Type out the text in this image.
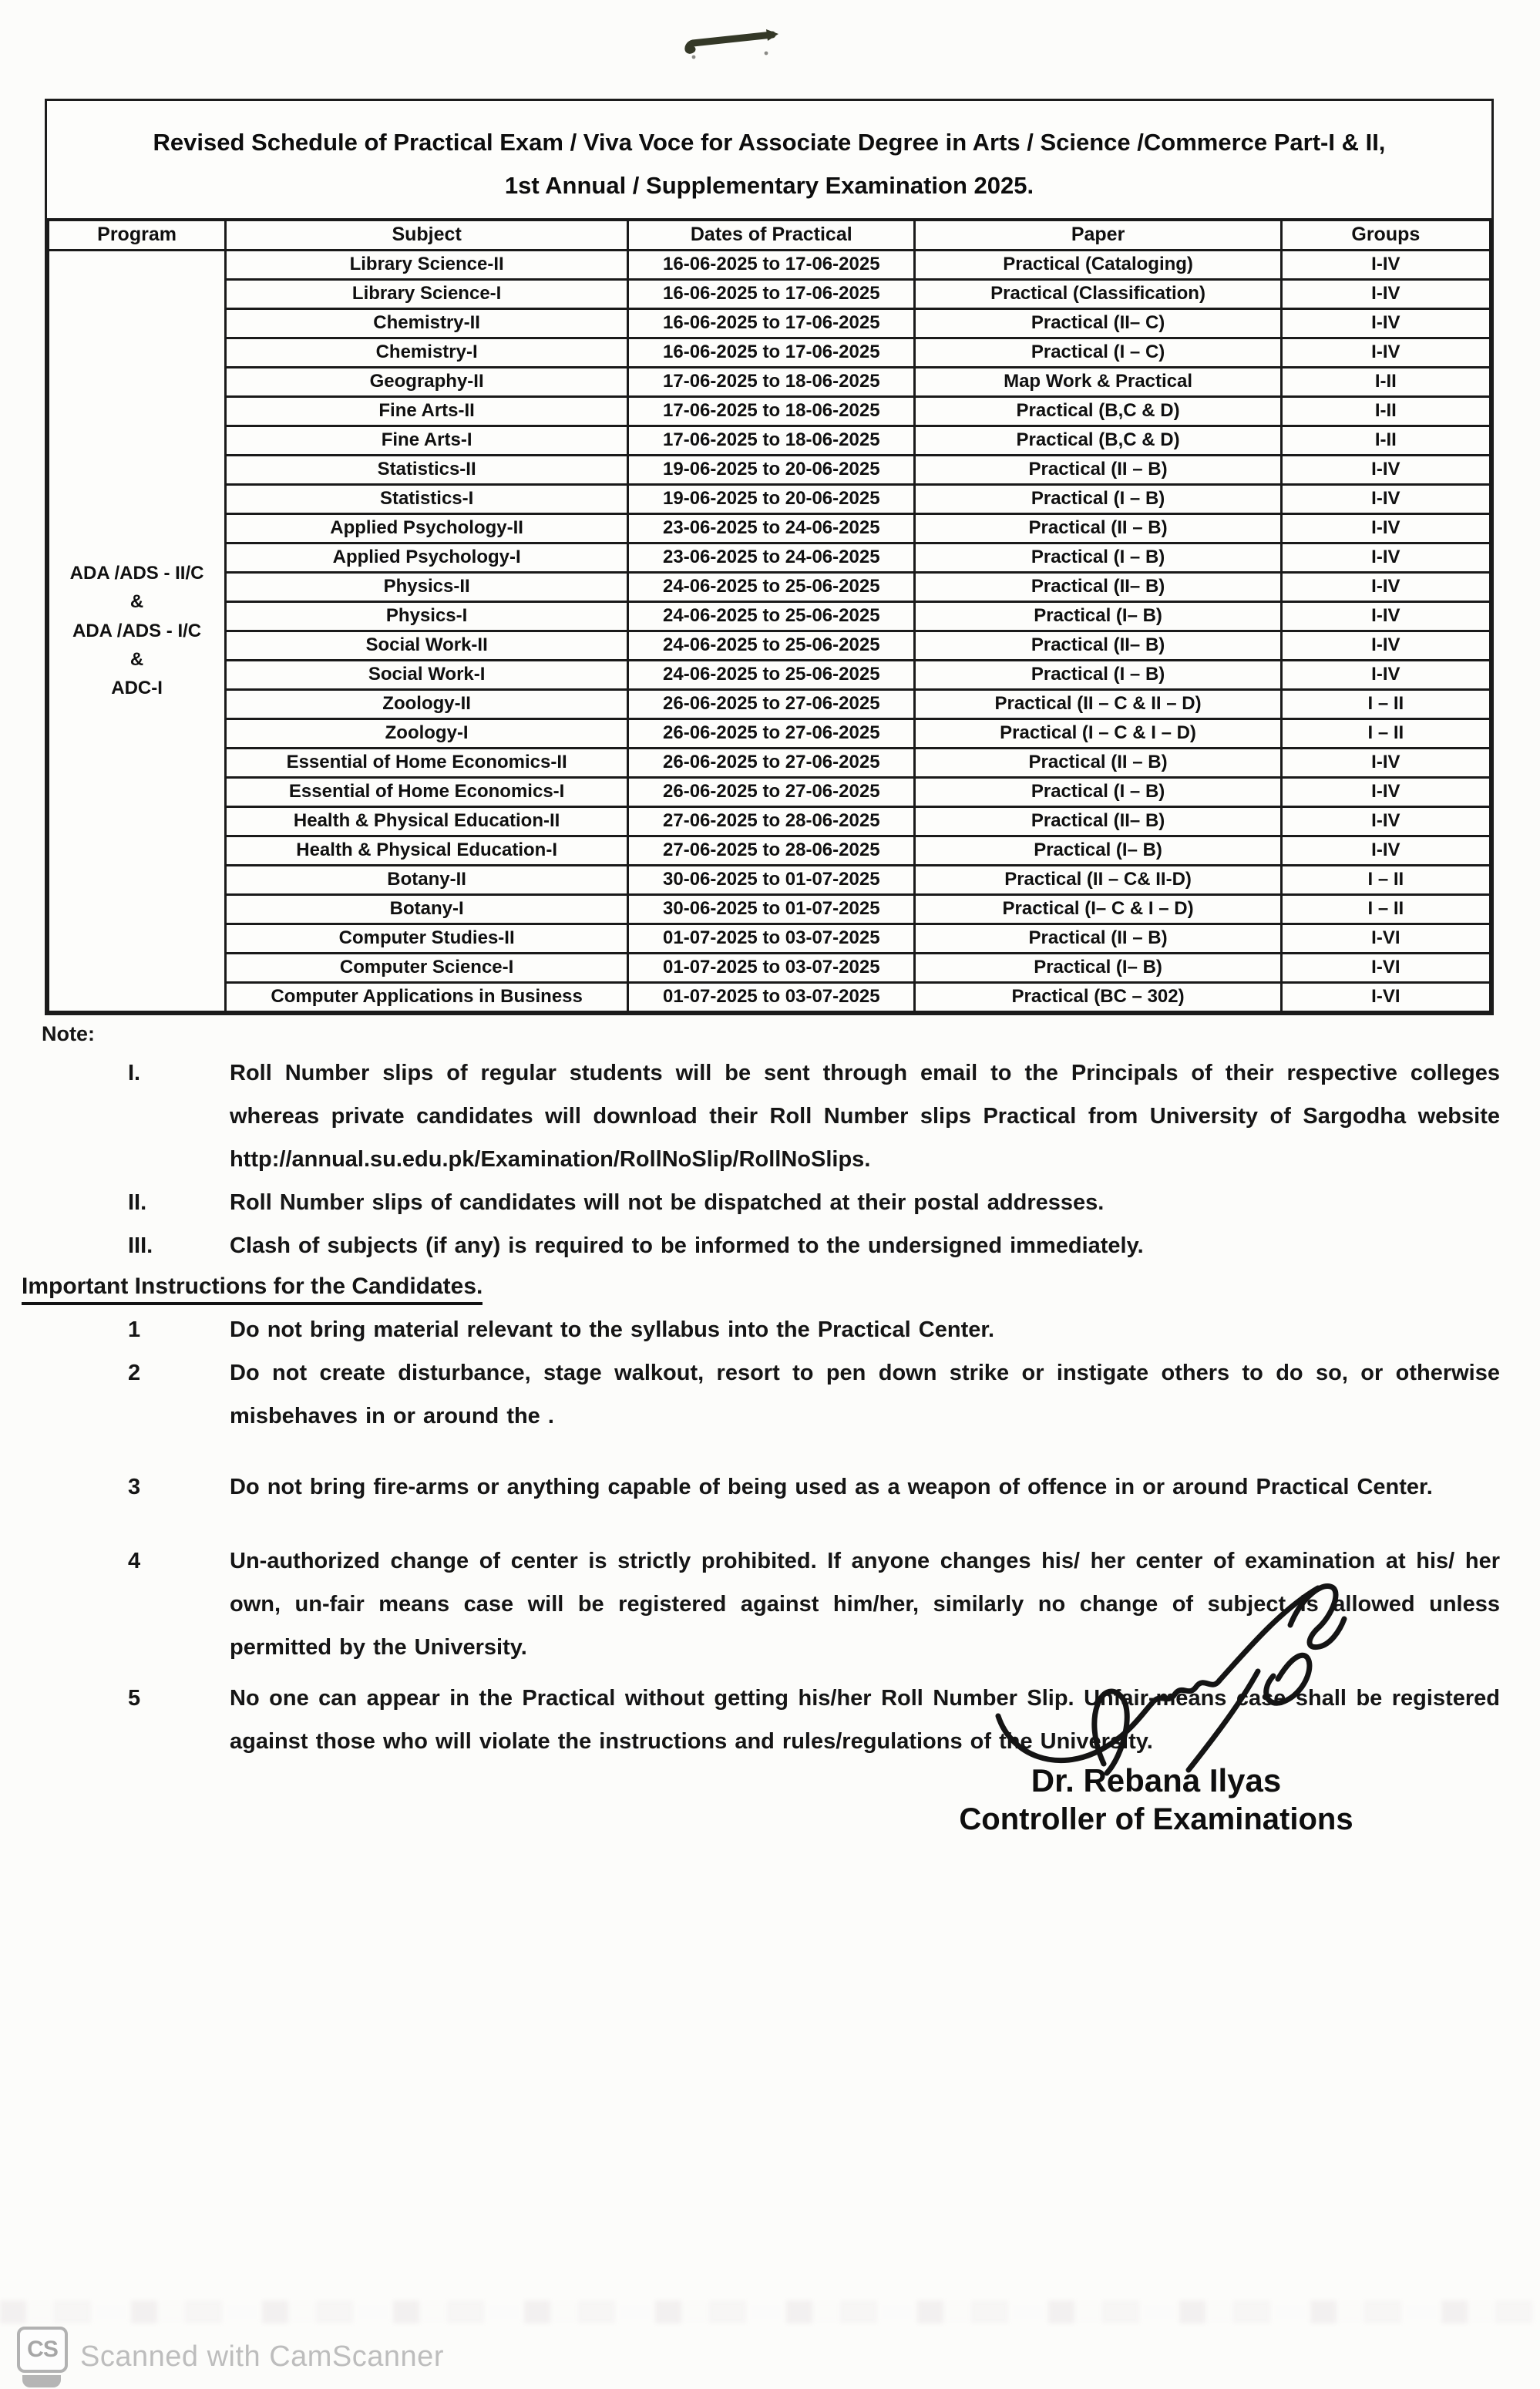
Revised Schedule of Practical Exam / Viva Voce for Associate Degree in Arts / Science /Commerce Part-I & II,
1st Annual / Supplementary Examination 2025.
Program	Subject	Dates of Practical	Paper	Groups

ADA /ADS - II/C
&
ADA /ADS - I/C
&
ADC-I	Library Science-II	16-06-2025 to 17-06-2025	Practical (Cataloging)	I-IV
	Library Science-I	16-06-2025 to 17-06-2025	Practical (Classification)	I-IV
	Chemistry-II	16-06-2025 to 17-06-2025	Practical (II– C)	I-IV
	Chemistry-I	16-06-2025 to 17-06-2025	Practical (I – C)	I-IV
	Geography-II	17-06-2025 to 18-06-2025	Map Work & Practical	I-II
	Fine Arts-II	17-06-2025 to 18-06-2025	Practical (B,C & D)	I-II
	Fine Arts-I	17-06-2025 to 18-06-2025	Practical (B,C & D)	I-II
	Statistics-II	19-06-2025 to 20-06-2025	Practical (II – B)	I-IV
	Statistics-I	19-06-2025 to 20-06-2025	Practical (I – B)	I-IV
	Applied Psychology-II	23-06-2025 to 24-06-2025	Practical (II – B)	I-IV
	Applied Psychology-I	23-06-2025 to 24-06-2025	Practical (I – B)	I-IV
	Physics-II	24-06-2025 to 25-06-2025	Practical (II– B)	I-IV
	Physics-I	24-06-2025 to 25-06-2025	Practical (I– B)	I-IV
	Social Work-II	24-06-2025 to 25-06-2025	Practical (II– B)	I-IV
	Social Work-I	24-06-2025 to 25-06-2025	Practical (I – B)	I-IV
	Zoology-II	26-06-2025 to 27-06-2025	Practical (II – C & II – D)	I – II
	Zoology-I	26-06-2025 to 27-06-2025	Practical (I – C & I – D)	I – II
	Essential of Home Economics-II	26-06-2025 to 27-06-2025	Practical (II – B)	I-IV
	Essential of Home Economics-I	26-06-2025 to 27-06-2025	Practical (I – B)	I-IV
	Health & Physical Education-II	27-06-2025 to 28-06-2025	Practical (II– B)	I-IV
	Health & Physical Education-I	27-06-2025 to 28-06-2025	Practical (I– B)	I-IV
	Botany-II	30-06-2025 to 01-07-2025	Practical (II – C& II-D)	I – II
	Botany-I	30-06-2025 to 01-07-2025	Practical (I– C & I – D)	I – II
	Computer Studies-II	01-07-2025 to 03-07-2025	Practical (II – B)	I-VI
	Computer Science-I	01-07-2025 to 03-07-2025	Practical (I– B)	I-VI
	Computer Applications in Business	01-07-2025 to 03-07-2025	Practical (BC – 302)	I-VI
Note:
I.	Roll Number slips of regular students will be sent through email to the Principals of their respective colleges whereas private candidates will download their Roll Number slips Practical from University of Sargodha website http://annual.su.edu.pk/Examination/RollNoSlip/RollNoSlips.
II.	Roll Number slips of candidates will not be dispatched at their postal addresses.
III.	Clash of subjects (if any) is required to be informed to the undersigned immediately.
Important Instructions for the Candidates.
1	Do not bring material relevant to the syllabus into the Practical Center.
2	Do not create disturbance, stage walkout, resort to pen down strike or instigate others to do so, or otherwise misbehaves in or around the .
3	Do not bring fire-arms or anything capable of being used as a weapon of offence in or around Practical Center.
4	Un-authorized change of center is strictly prohibited. If anyone changes his/ her center of examination at his/ her own, un-fair means case will be registered against him/her, similarly no change of subject is allowed unless permitted by the University.
5	No one can appear in the Practical without getting his/her Roll Number Slip. Unfair-means case shall be registered against those who will violate the instructions and rules/regulations of the University.
Dr. Rebana Ilyas
Controller of Examinations
CS Scanned with CamScanner
